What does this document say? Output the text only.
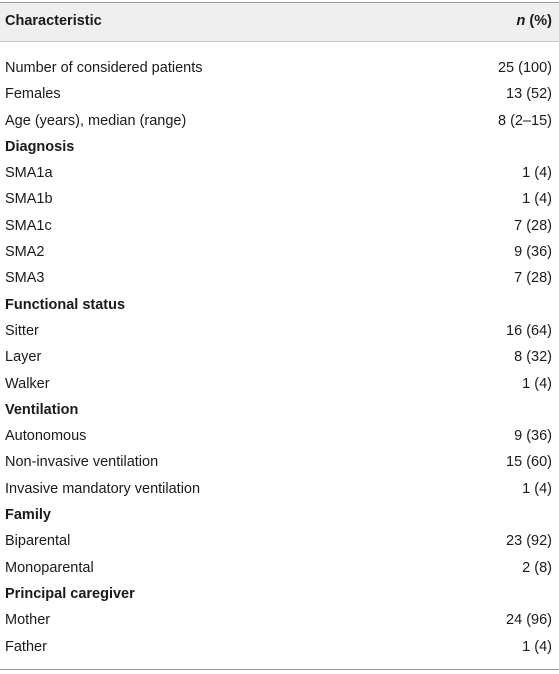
Characteristic	n (%)
Number of considered patients	25 (100)
Females	13 (52)
Age (years), median (range)	8 (2–15)
Diagnosis
SMA1a	1 (4)
SMA1b	1 (4)
SMA1c	7 (28)
SMA2	9 (36)
SMA3	7 (28)
Functional status
Sitter	16 (64)
Layer	8 (32)
Walker	1 (4)
Ventilation
Autonomous	9 (36)
Non-invasive ventilation	15 (60)
Invasive mandatory ventilation	1 (4)
Family
Biparental	23 (92)
Monoparental	2 (8)
Principal caregiver
Mother	24 (96)
Father	1 (4)
